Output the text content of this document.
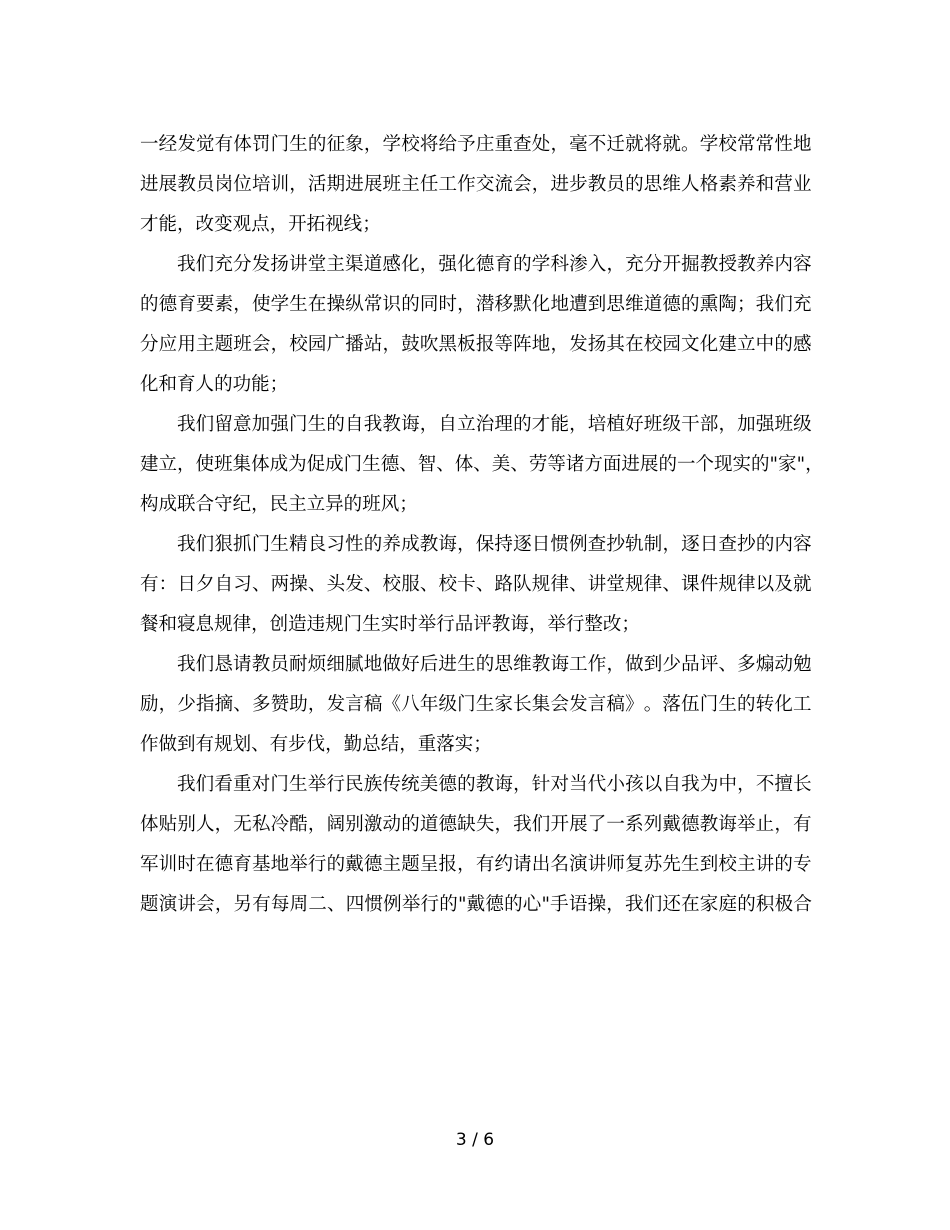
一 经 发 觉 有 体 罚 门 生 的 征 象 ， 学 校 将 给 予 庄 重 查 处 ， 毫 不 迁 就 将 就 。 学 校 常 常 性 地
进 展 教 员 岗 位 培 训 ， 活 期 进 展 班 主 任 工 作 交 流 会 ， 进 步 教 员 的 思 维 人 格 素 养 和 营 业
才 能 ， 改 变 观 点 ， 开 拓 视 线 ；
我 们 充 分 发 扬 讲 堂 主 渠 道 感 化 ， 强 化 德 育 的 学 科 渗 入 ， 充 分 开 掘 教 授 教 养 内 容
的 德 育 要 素 ， 使 学 生 在 操 纵 常 识 的 同 时 ， 潜 移 默 化 地 遭 到 思 维 道 德 的 熏 陶 ； 我 们 充
分 应 用 主 题 班 会 ， 校 园 广 播 站 ， 鼓 吹 黑 板 报 等 阵 地 ， 发 扬 其 在 校 园 文 化 建 立 中 的 感
化 和 育 人 的 功 能 ；
我 们 留 意 加 强 门 生 的 自 我 教 诲 ， 自 立 治 理 的 才 能 ， 培 植 好 班 级 干 部 ， 加 强 班 级
建 立 ， 使 班 集 体 成 为 促 成 门 生 德 、 智 、 体 、 美 、 劳 等 诸 方 面 进 展 的 一 个 现 实 的 " 家 " ，
构 成 联 合 守 纪 ， 民 主 立 异 的 班 风 ；
我 们 狠 抓 门 生 精 良 习 性 的 养 成 教 诲 ， 保 持 逐 日 惯 例 查 抄 轨 制 ， 逐 日 查 抄 的 内 容
有 ： 日 夕 自 习 、 两 操 、 头 发 、 校 服 、 校 卡 、 路 队 规 律 、 讲 堂 规 律 、 课 件 规 律 以 及 就
餐 和 寝 息 规 律 ， 创 造 违 规 门 生 实 时 举 行 品 评 教 诲 ， 举 行 整 改 ；
我 们 恳 请 教 员 耐 烦 细 腻 地 做 好 后 进 生 的 思 维 教 诲 工 作 ， 做 到 少 品 评 、 多 煽 动 勉
励 ， 少 指 摘 、 多 赞 助 ， 发 言 稿 《 八 年 级 门 生 家 长 集 会 发 言 稿 》 。 落 伍 门 生 的 转 化 工
作 做 到 有 规 划 、 有 步 伐 ， 勤 总 结 ， 重 落 实 ；
我 们 看 重 对 门 生 举 行 民 族 传 统 美 德 的 教 诲 ， 针 对 当 代 小 孩 以 自 我 为 中 ， 不 擅 长
体 贴 别 人 ， 无 私 冷 酷 ， 阔 别 激 动 的 道 德 缺 失 ， 我 们 开 展 了 一 系 列 戴 德 教 诲 举 止 ， 有
军 训 时 在 德 育 基 地 举 行 的 戴 德 主 题 呈 报 ， 有 约 请 出 名 演 讲 师 复 苏 先 生 到 校 主 讲 的 专
题 演 讲 会 ， 另 有 每 周 二 、 四 惯 例 举 行 的 " 戴 德 的 心 " 手 语 操 ， 我 们 还 在 家 庭 的 积 极 合
3 / 6
